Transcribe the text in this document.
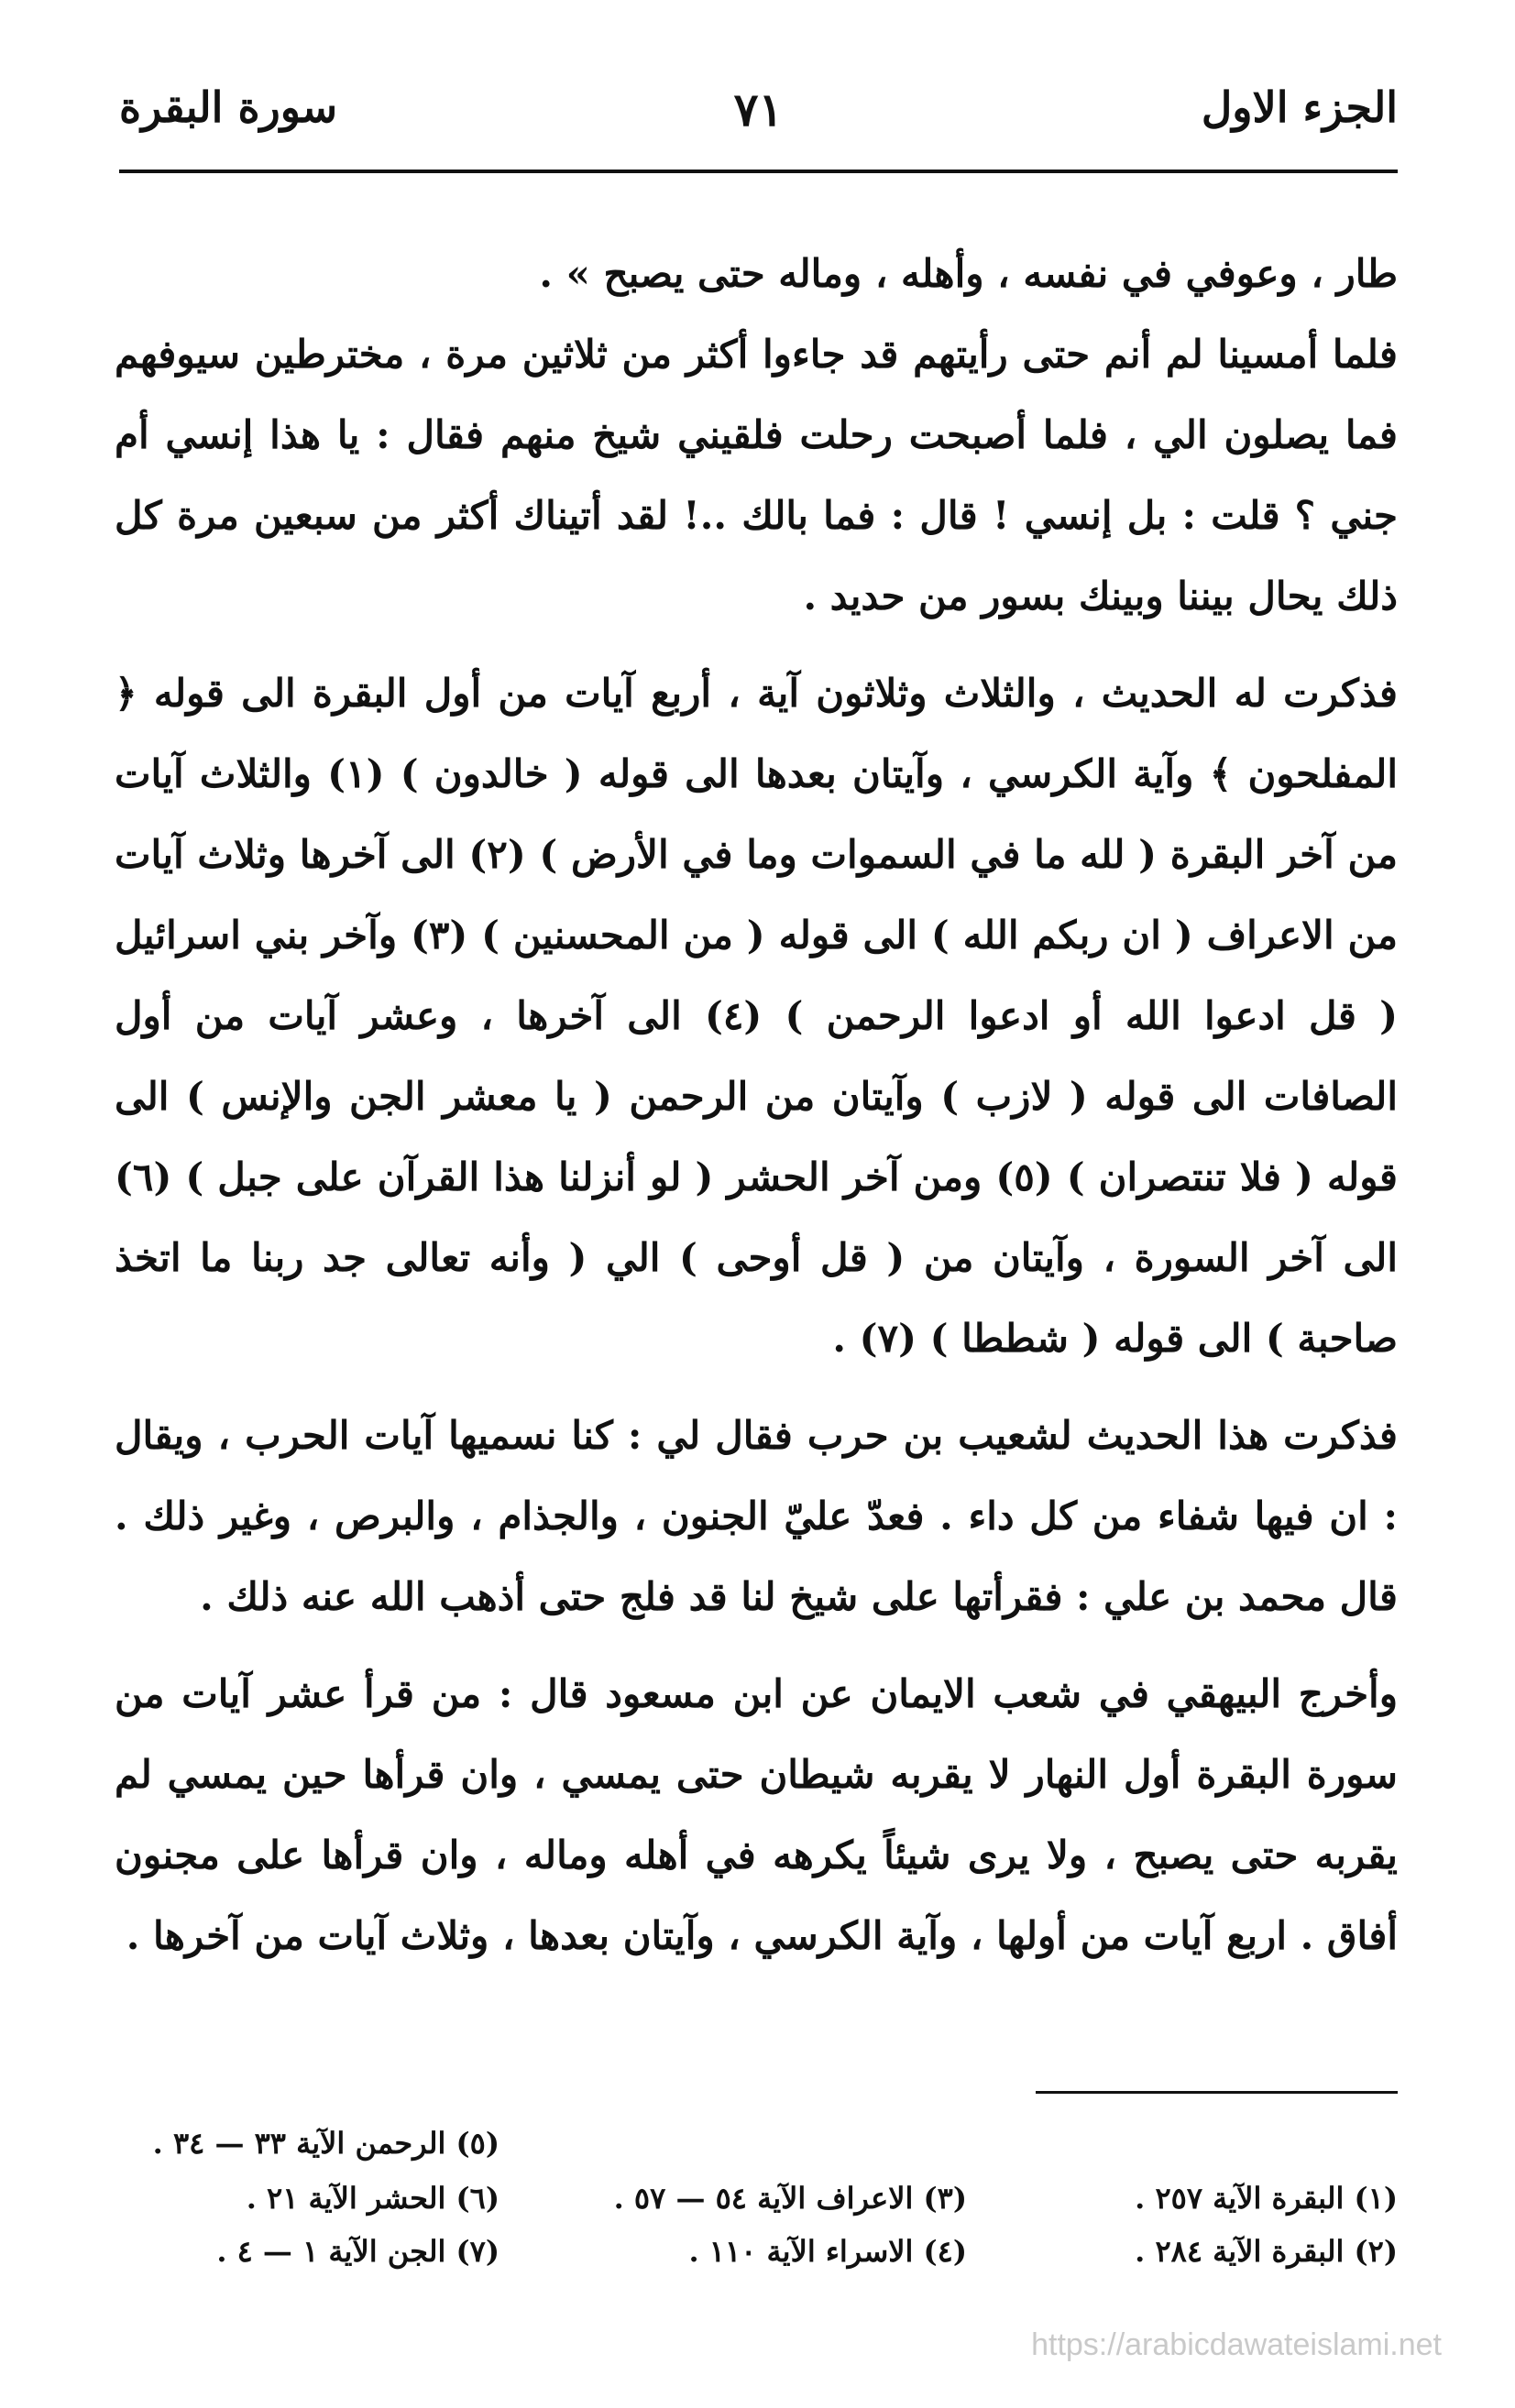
الجزء الاول
٧١
سورة البقرة

طار ، وعوفي في نفسه ، وأهله ، وماله حتى يصبح » .

فلما أمسينا لم أنم حتى رأيتهم قد جاءوا أكثر من ثلاثين مرة ، مخترطين سيوفهم فما يصلون الي ، فلما أصبحت رحلت فلقيني شيخ منهم فقال : يا هذا إنسي أم جني ؟ قلت : بل إنسي ! قال : فما بالك ..! لقد أتيناك أكثر من سبعين مرة كل ذلك يحال بيننا وبينك بسور من حديد .

فذكرت له الحديث ، والثلاث وثلاثون آية ، أربع آيات من أول البقرة الى قوله ﴿ المفلحون ﴾ وآية الكرسي ، وآيتان بعدها الى قوله ( خالدون ) (١) والثلاث آيات من آخر البقرة ( لله ما في السموات وما في الأرض ) (٢) الى آخرها وثلاث آيات من الاعراف ( ان ربكم الله ) الى قوله ( من المحسنين ) (٣) وآخر بني اسرائيل ( قل ادعوا الله أو ادعوا الرحمن ) (٤) الى آخرها ، وعشر آيات من أول الصافات الى قوله ( لازب ) وآيتان من الرحمن ( يا معشر الجن والإنس ) الى قوله ( فلا تنتصران ) (٥) ومن آخر الحشر ( لو أنزلنا هذا القرآن على جبل ) (٦) الى آخر السورة ، وآيتان من ( قل أوحى ) الي ( وأنه تعالى جد ربنا ما اتخذ صاحبة ) الى قوله ( شططا ) (٧) .

فذكرت هذا الحديث لشعيب بن حرب فقال لي : كنا نسميها آيات الحرب ، ويقال : ان فيها شفاء من كل داء . فعدّ عليّ الجنون ، والجذام ، والبرص ، وغير ذلك . قال محمد بن علي : فقرأتها على شيخ لنا قد فلج حتى أذهب الله عنه ذلك .

وأخرج البيهقي في شعب الايمان عن ابن مسعود قال : من قرأ عشر آيات من سورة البقرة أول النهار لا يقربه شيطان حتى يمسي ، وان قرأها حين يمسي لم يقربه حتى يصبح ، ولا يرى شيئاً يكرهه في أهله وماله ، وان قرأها على مجنون أفاق . اربع آيات من أولها ، وآية الكرسي ، وآيتان بعدها ، وثلاث آيات من آخرها .

(٥) الرحمن الآية ٣٣ — ٣٤ .
(١) البقرة الآية ٢٥٧ .
(٣) الاعراف الآية ٥٤ — ٥٧ .
(٦) الحشر الآية ٢١ .
(٢) البقرة الآية ٢٨٤ .
(٤) الاسراء الآية ١١٠ .
(٧) الجن الآية ١ — ٤ .
https://arabicdawateislami.net
